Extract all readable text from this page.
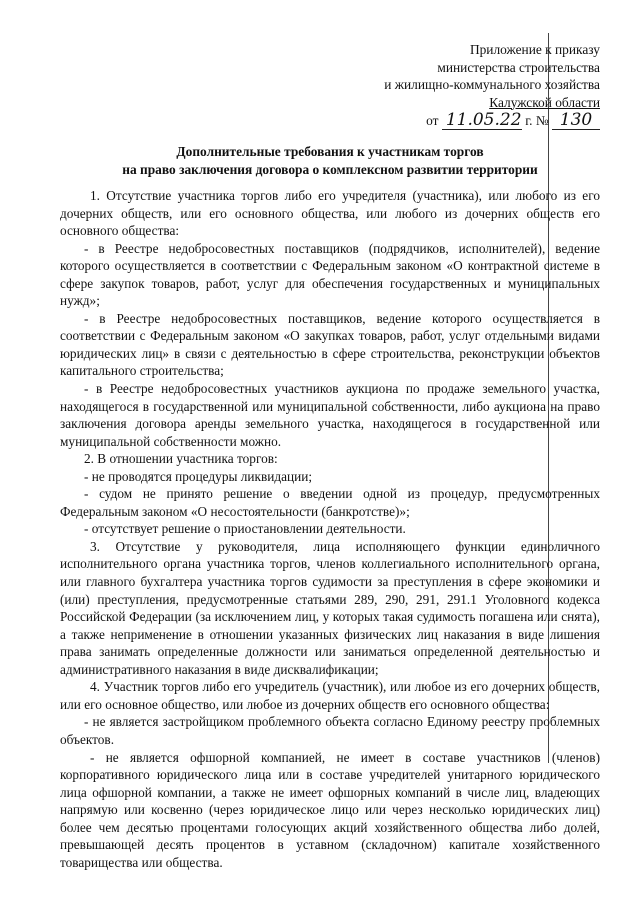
Приложение к приказу
министерства строительства
и жилищно-коммунального хозяйства
Калужской области
от 11.05.22 г. № 130
Дополнительные требования к участникам торгов
на право заключения договора о комплексном развитии территории

1. Отсутствие участника торгов либо его учредителя (участника), или любого из его дочерних обществ, или его основного общества, или любого из дочерних обществ его основного общества:

- в Реестре недобросовестных поставщиков (подрядчиков, исполнителей), ведение которого осуществляется в соответствии с Федеральным законом «О контрактной системе в сфере закупок товаров, работ, услуг для обеспечения государственных и муниципальных нужд»;

- в Реестре недобросовестных поставщиков, ведение которого осуществляется в соответствии с Федеральным законом «О закупках товаров, работ, услуг отдельными видами юридических лиц» в связи с деятельностью в сфере строительства, реконструкции объектов капитального строительства;

- в Реестре недобросовестных участников аукциона по продаже земельного участка, находящегося в государственной или муниципальной собственности, либо аукциона на право заключения договора аренды земельного участка, находящегося в государственной или муниципальной собственности можно.

2. В отношении участника торгов:

- не проводятся процедуры ликвидации;

- судом не принято решение о введении одной из процедур, предусмотренных Федеральным законом «О несостоятельности (банкротстве)»;

- отсутствует решение о приостановлении деятельности.

3. Отсутствие у руководителя, лица исполняющего функции единоличного исполнительного органа участника торгов, членов коллегиального исполнительного органа, или главного бухгалтера участника торгов судимости за преступления в сфере экономики и (или) преступления, предусмотренные статьями 289, 290, 291, 291.1 Уголовного кодекса Российской Федерации (за исключением лиц, у которых такая судимость погашена или снята), а также неприменение в отношении указанных физических лиц наказания в виде лишения права занимать определенные должности или заниматься определенной деятельностью и административного наказания в виде дисквалификации;

4. Участник торгов либо его учредитель (участник), или любое из его дочерних обществ, или его основное общество, или любое из дочерних обществ его основного общества:

- не является застройщиком проблемного объекта согласно Единому реестру проблемных объектов.

- не является офшорной компанией, не имеет в составе участников (членов) корпоративного юридического лица или в составе учредителей унитарного юридического лица офшорной компании, а также не имеет офшорных компаний в числе лиц, владеющих напрямую или косвенно (через юридическое лицо или через несколько юридических лиц) более чем десятью процентами голосующих акций хозяйственного общества либо долей, превышающей десять процентов в уставном (складочном) капитале хозяйственного товарищества или общества.
